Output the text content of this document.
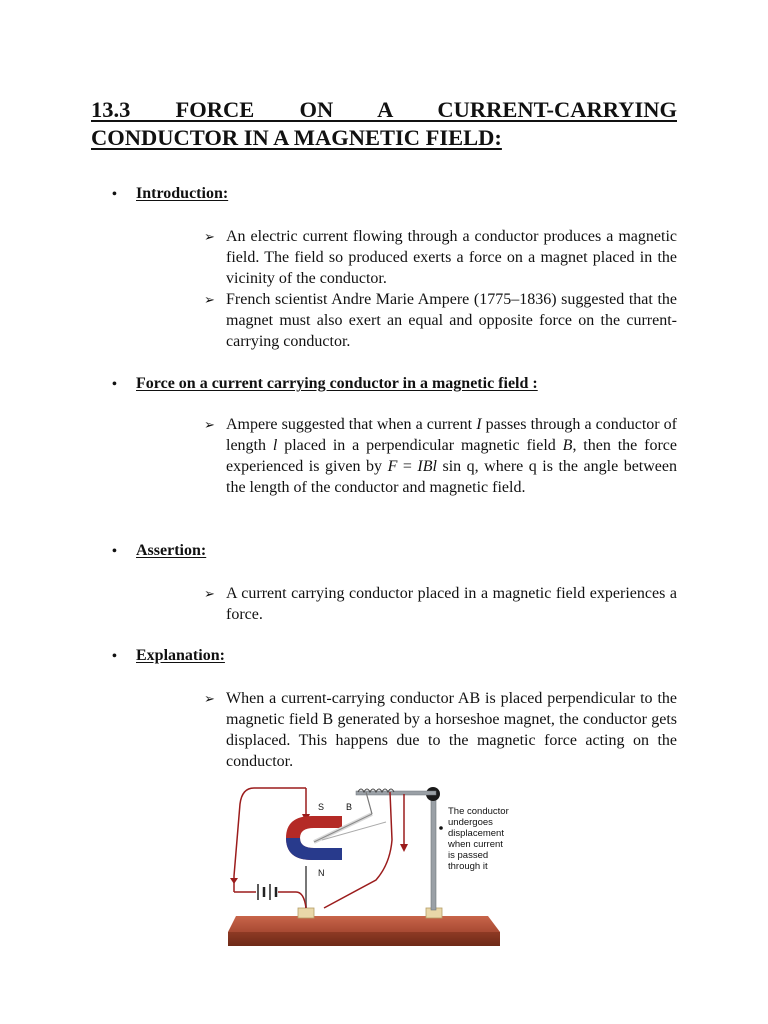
13.3 FORCE ON A CURRENT-CARRYING
CONDUCTOR IN A MAGNETIC FIELD:
•	Introduction:
➢ An electric current flowing through a conductor produces a magnetic field. The field so produced exerts a force on a magnet placed in the vicinity of the conductor.
➢ French scientist Andre Marie Ampere (1775–1836) suggested that the magnet must also exert an equal and opposite force on the current-carrying conductor.
•	Force on a current carrying conductor in a magnetic field :
➢ Ampere suggested that when a current I passes through a conductor of length l placed in a perpendicular magnetic field B, then the force experienced is given by F = IBl sin q, where q is the angle between the length of the conductor and magnetic field.
•	Assertion:
➢ A current carrying conductor placed in a magnetic field experiences a force.
•	Explanation:
➢ When a current-carrying conductor AB is placed perpendicular to the magnetic field B generated by a horseshoe magnet, the conductor gets displaced. This happens due to the magnetic force acting on the conductor.
S B
N
The conductor
undergoes
displacement
when current
is passed
through it
